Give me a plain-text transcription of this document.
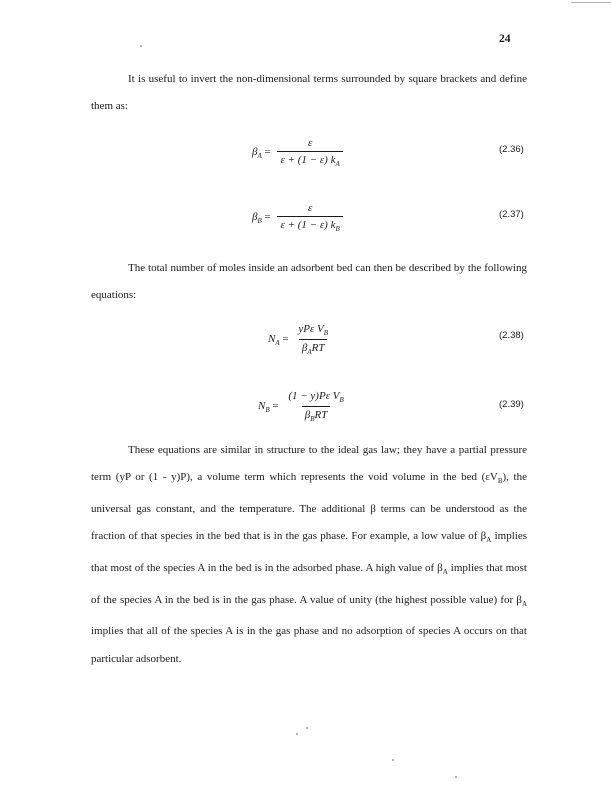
24

It is useful to invert the non-dimensional terms surrounded by square brackets and define them as:

$\beta_A = \frac{\varepsilon}{\varepsilon + (1 - \varepsilon) k_A}$	(2.36)
$\beta_B = \frac{\varepsilon}{\varepsilon + (1 - \varepsilon) k_B}$	(2.37)

The total number of moles inside an adsorbent bed can then be described by the following equations:

$N_A = \frac{yP\varepsilon V_B}{\beta_ART}$	(2.38)
$N_B = \frac{(1 - y)P\varepsilon V_B}{\beta_BRT}$	(2.39)

These equations are similar in structure to the ideal gas law; they have a partial pressure term (yP or (1 - y)P), a volume term which represents the void volume in the bed $(\varepsilon V_B)$, the universal gas constant, and the temperature. The additional β terms can be understood as the fraction of that species in the bed that is in the gas phase. For example, a low value of $\beta_A$ implies that most of the species A in the bed is in the adsorbed phase. A high value of $\beta_A$ implies that most of the species A in the bed is in the gas phase. A value of unity (the highest possible value) for $\beta_A$ implies that all of the species A is in the gas phase and no adsorption of species A occurs on that particular adsorbent.
